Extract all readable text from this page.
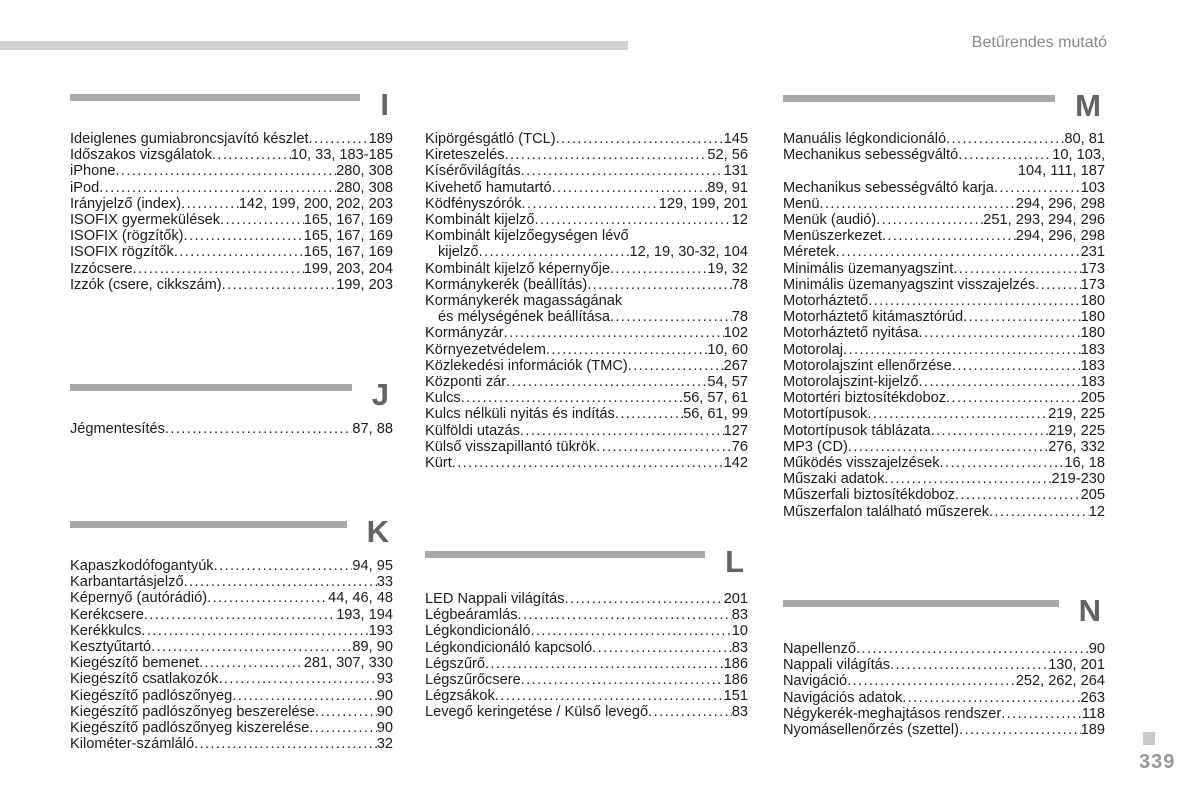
Betűrendes mutató
I
Ideiglenes gumiabroncsjavító készlet .....	189
Időszakos vizsgálatok .....	10, 33, 183-185
iPhone .....	280, 308
iPod .....	280, 308
Irányjelző (index) .....	142, 199, 200, 202, 203
ISOFIX gyermekülések .....	165, 167, 169
ISOFIX (rögzítők) .....	165, 167, 169
ISOFIX rögzítők .....	165, 167, 169
Izzócsere .....	199, 203, 204
Izzók (csere, cikkszám) .....	199, 203
J
Jégmentesítés .....	87, 88
K
Kapaszkodófogantyúk .....	94, 95
Karbantartásjelző .....	33
Képernyő (autórádió) .....	44, 46, 48
Kerékcsere .....	193, 194
Kerékkulcs .....	193
Kesztyűtartó .....	89, 90
Kiegészítő bemenet .....	281, 307, 330
Kiegészítő csatlakozók .....	93
Kiegészítő padlószőnyeg .....	90
Kiegészítő padlószőnyeg beszerelése .....	90
Kiegészítő padlószőnyeg kiszerelése .....	90
Kilométer-számláló .....	32
Kipörgésgátló (TCL) .....	145
Kireteszelés .....	52, 56
Kísérővilágítás .....	131
Kivehető hamutartó .....	89, 91
Ködfényszórók .....	129, 199, 201
Kombinált kijelző .....	12
Kombinált kijelzőegységen lévő
kijelző .....	12, 19, 30-32, 104
Kombinált kijelző képernyője .....	19, 32
Kormánykerék (beállítás) .....	78
Kormánykerék magasságának
és mélységének beállítása .....	78
Kormányzár .....	102
Környezetvédelem .....	10, 60
Közlekedési információk (TMC) .....	267
Központi zár .....	54, 57
Kulcs .....	56, 57, 61
Kulcs nélküli nyitás és indítás .....	56, 61, 99
Külföldi utazás .....	127
Külső visszapillantó tükrök .....	76
Kürt .....	142
L
LED Nappali világítás .....	201
Légbeáramlás .....	83
Légkondicionáló .....	10
Légkondicionáló kapcsoló .....	83
Légszűrő .....	186
Légszűrőcsere .....	186
Légzsákok .....	151
Levegő keringetése / Külső levegő .....	83
M
Manuális légkondicionáló .....	80, 81
Mechanikus sebességváltó .....	10, 103,
104, 111, 187
Mechanikus sebességváltó karja .....	103
Menü .....	294, 296, 298
Menük (audió) .....	251, 293, 294, 296
Menüszerkezet .....	294, 296, 298
Méretek .....	231
Minimális üzemanyagszint .....	173
Minimális üzemanyagszint visszajelzés .....	173
Motorháztető .....	180
Motorháztető kitámasztórúd .....	180
Motorháztető nyitása .....	180
Motorolaj .....	183
Motorolajszint ellenőrzése .....	183
Motorolajszint-kijelző .....	183
Motortéri biztosítékdoboz .....	205
Motortípusok .....	219, 225
Motortípusok táblázata .....	219, 225
MP3 (CD) .....	276, 332
Működés visszajelzések .....	16, 18
Műszaki adatok .....	219-230
Műszerfali biztosítékdoboz .....	205
Műszerfalon található műszerek .....	12
N
Napellenző .....	90
Nappali világítás .....	130, 201
Navigáció .....	252, 262, 264
Navigációs adatok .....	263
Négykerék-meghajtásos rendszer .....	118
Nyomásellenőrzés (szettel) .....	189
339
